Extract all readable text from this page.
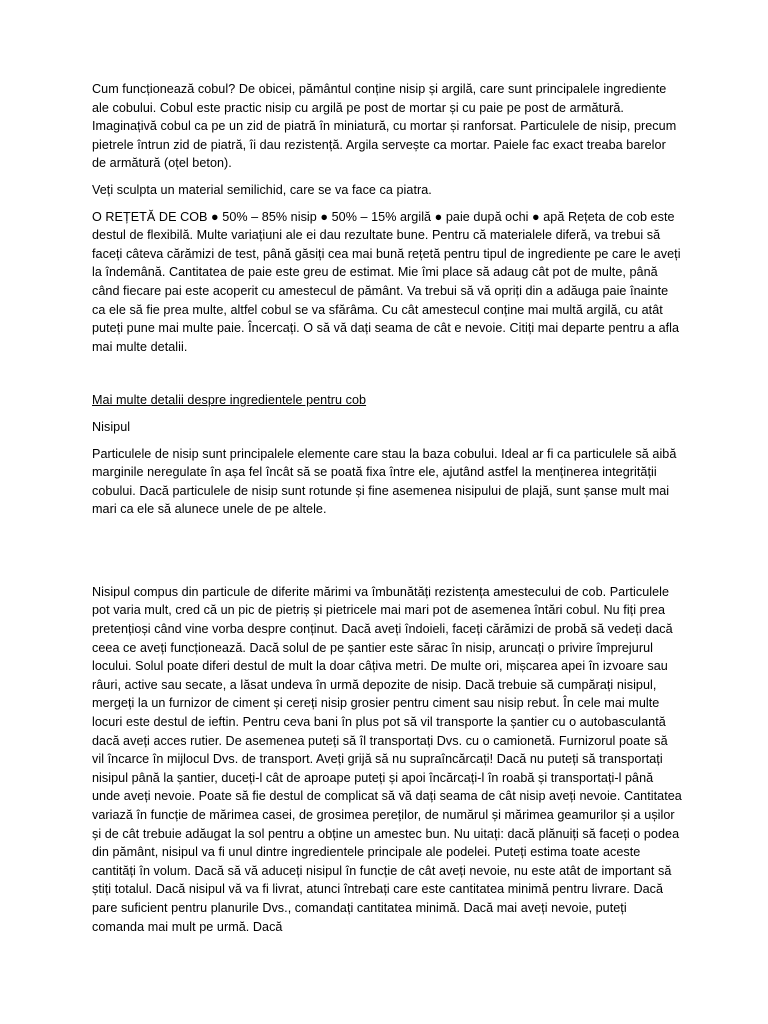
Cum funcționează cobul? De obicei, pământul conține nisip și argilă, care sunt principalele ingrediente ale cobului. Cobul este practic nisip cu argilă pe post de mortar și cu paie pe post de armătură. Imaginațivă cobul ca pe un zid de piatră în miniatură, cu mortar și ranforsat. Particulele de nisip, precum pietrele întrun zid de piatră, îi dau rezistență. Argila servește ca mortar. Paiele fac exact treaba barelor de armătură (oțel beton).

Veți sculpta un material semilichid, care se va face ca piatra.

O REȚETĂ DE COB ● 50% – 85% nisip ● 50% – 15% argilă ● paie după ochi ● apă Rețeta de cob este destul de flexibilă. Multe variațiuni ale ei dau rezultate bune. Pentru că materialele diferă, va trebui să faceți câteva cărămizi de test, până găsiți cea mai bună rețetă pentru tipul de ingrediente pe care le aveți la îndemână. Cantitatea de paie este greu de estimat. Mie îmi place să adaug cât pot de multe, până când fiecare pai este acoperit cu amestecul de pământ. Va trebui să vă opriți din a adăuga paie înainte ca ele să fie prea multe, altfel cobul se va sfărâma. Cu cât amestecul conține mai multă argilă, cu atât puteți pune mai multe paie. Încercați. O să vă dați seama de cât e nevoie. Citiți mai departe pentru a afla mai multe detalii.

Mai multe detalii despre ingredientele pentru cob

Nisipul

Particulele de nisip sunt principalele elemente care stau la baza cobului. Ideal ar fi ca particulele să aibă marginile neregulate în așa fel încât să se poată fixa între ele, ajutând astfel la menținerea integrității cobului. Dacă particulele de nisip sunt rotunde și fine asemenea nisipului de plajă, sunt șanse mult mai mari ca ele să alunece unele de pe altele.

Nisipul compus din particule de diferite mărimi va îmbunătăți rezistența amestecului de cob. Particulele pot varia mult, cred că un pic de pietriș și pietricele mai mari pot de asemenea întări cobul. Nu fiți prea pretențioși când vine vorba despre conținut. Dacă aveți îndoieli, faceți cărămizi de probă să vedeți dacă ceea ce aveți funcționează. Dacă solul de pe șantier este sărac în nisip, aruncați o privire împrejurul locului. Solul poate diferi destul de mult la doar câțiva metri. De multe ori, mișcarea apei în izvoare sau râuri, active sau secate, a lăsat undeva în urmă depozite de nisip. Dacă trebuie să cumpărați nisipul, mergeți la un furnizor de ciment și cereți nisip grosier pentru ciment sau nisip rebut. În cele mai multe locuri este destul de ieftin. Pentru ceva bani în plus pot să vil transporte la șantier cu o autobasculantă dacă aveți acces rutier. De asemenea puteți să îl transportați Dvs. cu o camionetă. Furnizorul poate să vil încarce în mijlocul Dvs. de transport. Aveți grijă să nu supraîncărcați! Dacă nu puteți să transportați nisipul până la șantier, duceți-l cât de aproape puteți și apoi încărcați-l în roabă și transportați-l până unde aveți nevoie. Poate să fie destul de complicat să vă dați seama de cât nisip aveți nevoie. Cantitatea variază în funcție de mărimea casei, de grosimea pereților, de numărul și mărimea geamurilor și a ușilor și de cât trebuie adăugat la sol pentru a obține un amestec bun. Nu uitați: dacă plănuiți să faceți o podea din pământ, nisipul va fi unul dintre ingredientele principale ale podelei. Puteți estima toate aceste cantități în volum. Dacă să vă aduceți nisipul în funcție de cât aveți nevoie, nu este atât de important să știți totalul. Dacă nisipul vă va fi livrat, atunci întrebați care este cantitatea minimă pentru livrare. Dacă pare suficient pentru planurile Dvs., comandați cantitatea minimă. Dacă mai aveți nevoie, puteți comanda mai mult pe urmă. Dacă
